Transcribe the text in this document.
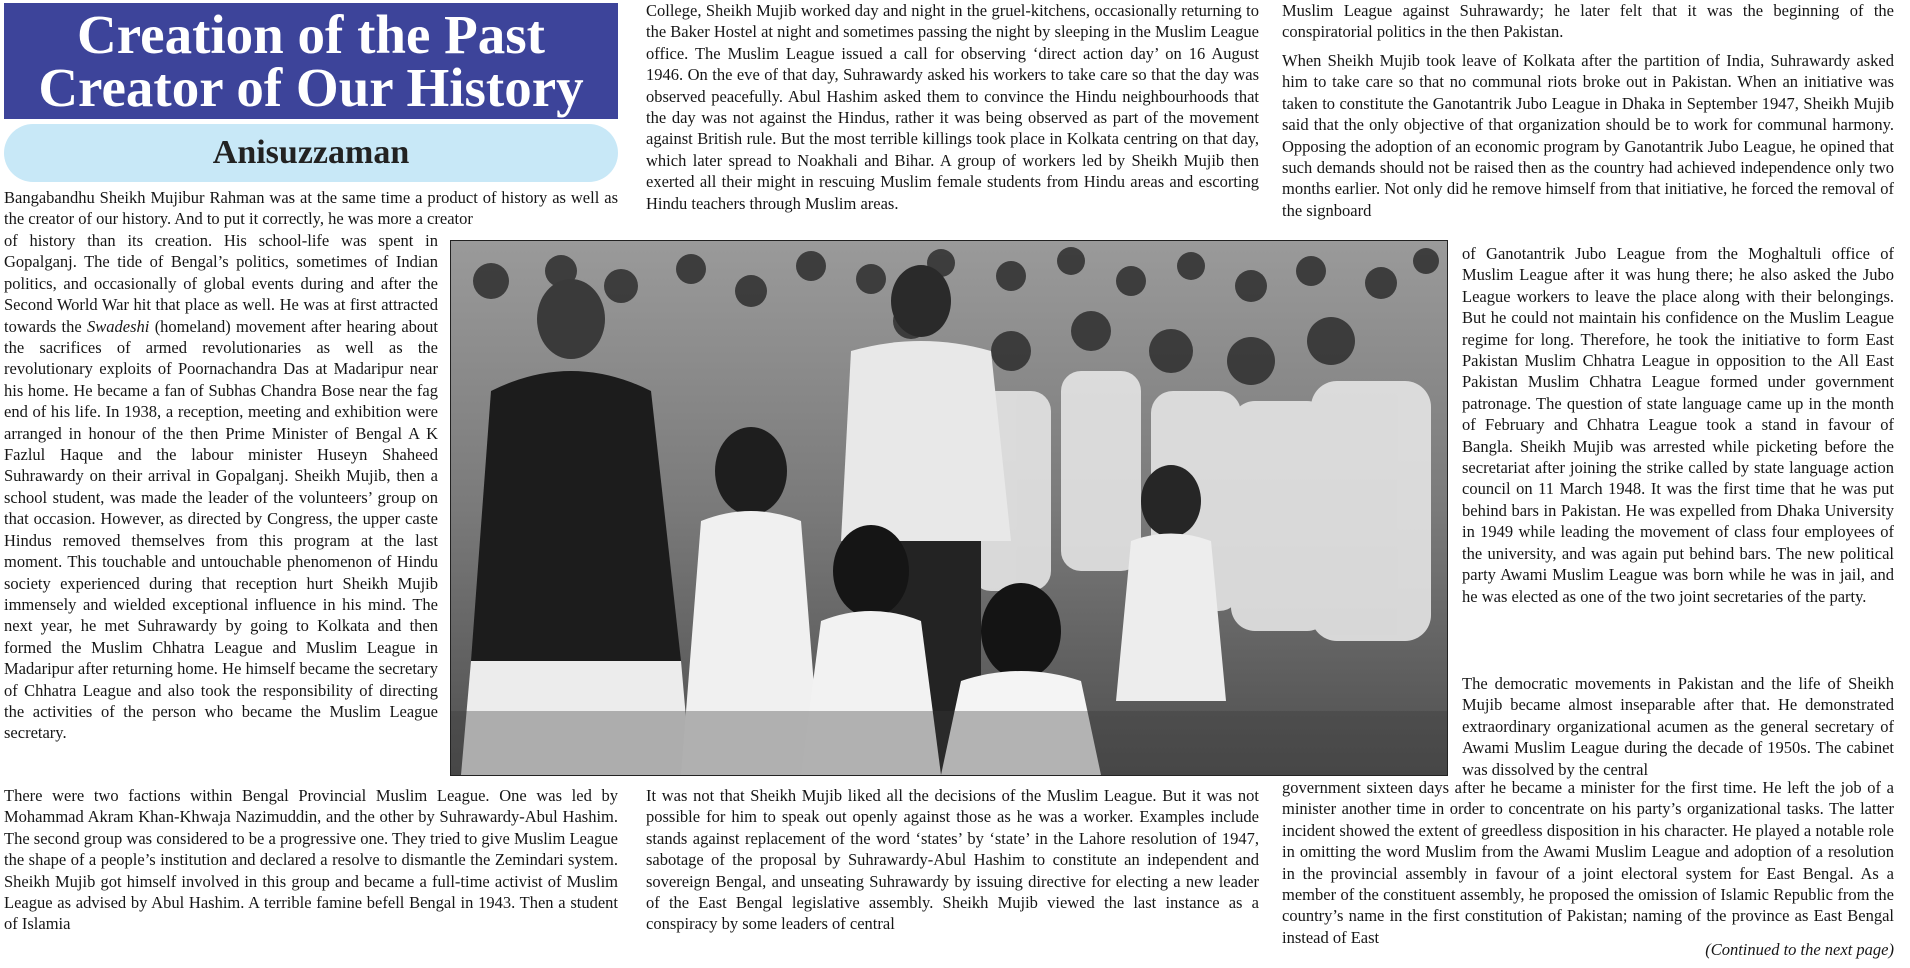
Creation of the Past
Creator of Our History
Anisuzzaman

Bangabandhu Sheikh Mujibur Rahman was at the same time a product of history as well as the creator of our history. And to put it correctly, he was more a creator

of history than its creation. His school-life was spent in Gopalganj. The tide of Bengal’s politics, sometimes of Indian politics, and occasionally of global events during and after the Second World War hit that place as well. He was at first attracted towards the Swadeshi (homeland) movement after hearing about the sacrifices of armed revolutionaries as well as the revolutionary exploits of Poornachandra Das at Madaripur near his home. He became a fan of Subhas Chandra Bose near the fag end of his life. In 1938, a reception, meeting and exhibition were arranged in honour of the then Prime Minister of Bengal A K Fazlul Haque and the labour minister Huseyn Shaheed Suhrawardy on their arrival in Gopalganj. Sheikh Mujib, then a school student, was made the leader of the volunteers’ group on that occasion. However, as directed by Congress, the upper caste Hindus removed themselves from this program at the last moment. This touchable and untouchable phenomenon of Hindu society experienced during that reception hurt Sheikh Mujib immensely and wielded exceptional influence in his mind. The next year, he met Suhrawardy by going to Kolkata and then formed the Muslim Chhatra League and Muslim League in Madaripur after returning home. He himself became the secretary of Chhatra League and also took the responsibility of directing the activities of the person who became the Muslim League secretary.

There were two factions within Bengal Provincial Muslim League. One was led by Mohammad Akram Khan-Khwaja Nazimuddin, and the other by Suhrawardy-Abul Hashim. The second group was considered to be a progressive one. They tried to give Muslim League the shape of a people’s institution and declared a resolve to dismantle the Zemindari system. Sheikh Mujib got himself involved in this group and became a full-time activist of Muslim League as advised by Abul Hashim. A terrible famine befell Bengal in 1943. Then a student of Islamia

College, Sheikh Mujib worked day and night in the gruel-kitchens, occasionally returning to the Baker Hostel at night and sometimes passing the night by sleeping in the Muslim League office. The Muslim League issued a call for observing ‘direct action day’ on 16 August 1946. On the eve of that day, Suhrawardy asked his workers to take care so that the day was observed peacefully. Abul Hashim asked them to convince the Hindu neighbourhoods that the day was not against the Hindus, rather it was being observed as part of the movement against British rule. But the most terrible killings took place in Kolkata centring on that day, which later spread to Noakhali and Bihar. A group of workers led by Sheikh Mujib then exerted all their might in rescuing Muslim female students from Hindu areas and escorting Hindu teachers through Muslim areas.

It was not that Sheikh Mujib liked all the decisions of the Muslim League. But it was not possible for him to speak out openly against those as he was a worker. Examples include stands against replacement of the word ‘states’ by ‘state’ in the Lahore resolution of 1947, sabotage of the proposal by Suhrawardy-Abul Hashim to constitute an independent and sovereign Bengal, and unseating Suhrawardy by issuing directive for electing a new leader of the East Bengal legislative assembly. Sheikh Mujib viewed the last instance as a conspiracy by some leaders of central

Muslim League against Suhrawardy; he later felt that it was the beginning of the conspiratorial politics in the then Pakistan.

When Sheikh Mujib took leave of Kolkata after the partition of India, Suhrawardy asked him to take care so that no communal riots broke out in Pakistan. When an initiative was taken to constitute the Ganotantrik Jubo League in Dhaka in September 1947, Sheikh Mujib said that the only objective of that organization should be to work for communal harmony. Opposing the adoption of an economic program by Ganotantrik Jubo League, he opined that such demands should not be raised then as the country had achieved independence only two months earlier. Not only did he remove himself from that initiative, he forced the removal of the signboard

of Ganotantrik Jubo League from the Moghaltuli office of Muslim League after it was hung there; he also asked the Jubo League workers to leave the place along with their belongings. But he could not maintain his confidence on the Muslim League regime for long. Therefore, he took the initiative to form East Pakistan Muslim Chhatra League in opposition to the All East Pakistan Muslim Chhatra League formed under government patronage. The question of state language came up in the month of February and Chhatra League took a stand in favour of Bangla. Sheikh Mujib was arrested while picketing before the secretariat after joining the strike called by state language action council on 11 March 1948. It was the first time that he was put behind bars in Pakistan. He was expelled from Dhaka University in 1949 while leading the movement of class four employees of the university, and was again put behind bars. The new political party Awami Muslim League was born while he was in jail, and he was elected as one of the two joint secretaries of the party.

The democratic movements in Pakistan and the life of Sheikh Mujib became almost inseparable after that. He demonstrated extraordinary organizational acumen as the general secretary of Awami Muslim League during the decade of 1950s. The cabinet was dissolved by the central

government sixteen days after he became a minister for the first time. He left the job of a minister another time in order to concentrate on his party’s organizational tasks. The latter incident showed the extent of greedless disposition in his character. He played a notable role in omitting the word Muslim from the Awami Muslim League and adoption of a resolution in the provincial assembly in favour of a joint electoral system for East Bengal. As a member of the constituent assembly, he proposed the omission of Islamic Republic from the country’s name in the first constitution of Pakistan; naming of the province as East Bengal instead of East

(Continued to the next page)
